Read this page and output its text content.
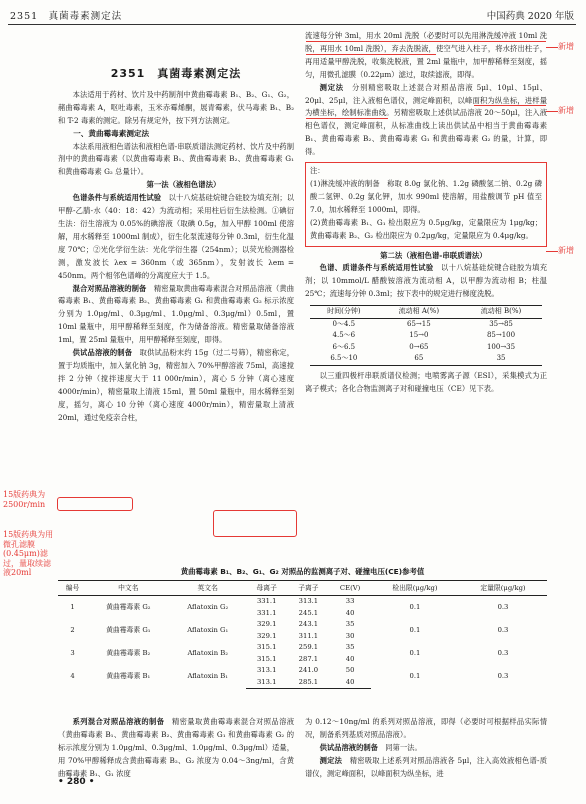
2351　真菌毒素测定法	中国药典 2020 年版
2351　真菌毒素测定法

本法适用于药材、饮片及中药制剂中黄曲霉毒素 B₁、B₂、G₁、G₂，赭曲霉毒素 A，呕吐毒素，玉米赤霉烯酮，展青霉素，伏马毒素 B₁、B₂ 和 T-2 毒素的测定。除另有规定外，按下列方法测定。

一、黄曲霉毒素测定法

本法系用液相色谱法和液相色谱-串联质谱法测定药材、饮片及中药制剂中的黄曲霉毒素（以黄曲霉毒素 B₁、黄曲霉毒素 B₂、黄曲霉毒素 G₁ 和黄曲霉毒素 G₂ 总量计）。

第一法（液相色谱法）

色谱条件与系统适用性试验　 以十八烷基硅烷键合硅胶为填充剂；以甲醇-乙腈-水（40：18：42）为流动相；采用柱后衍生法检测。①碘衍生法：衍生溶液为 0.05%的碘溶液（取碘 0.5g，加入甲醇 100ml 使溶解，用水稀释至 1000ml 制成），衍生化泵流速每分钟 0.3ml，衍生化温度 70℃；②光化学衍生法：光化学衍生器（254nm）；以荧光检测器检测，激发波长 λex = 360nm（或 365nm），发射波长 λem = 450nm。两个相邻色谱峰的分离度应大于 1.5。

混合对照品溶液的制备　 精密量取黄曲霉毒素混合对照品溶液（黄曲霉毒素 B₁、黄曲霉毒素 B₂、黄曲霉毒素 G₁ 和黄曲霉毒素 G₂ 标示浓度分别为 1.0μg/ml、0.3μg/ml、1.0μg/ml、0.3μg/ml）0.5ml，置 10ml 量瓶中，用甲醇稀释至刻度，作为储备溶液。精密量取储备溶液 1ml，置 25ml 量瓶中，用甲醇稀释至刻度，即得。

供试品溶液的制备　 取供试品粉末约 15g（过二号筛），精密称定，置于均质瓶中，加入氯化钠 3g，精密加入 70%甲醇溶液 75ml，高速搅拌 2 分钟（搅拌速度大于 11 000r/min），离心 5 分钟（离心速度 4000r/min），精密量取上清液 15ml，置 50ml 量瓶中，用水稀释至刻度，摇匀，离心 10 分钟（离心速度 4000r/min），精密量取上清液 20ml，通过免疫亲合柱，

流速每分钟 3ml，用水 20ml 洗脱（必要时可以先用淋洗缓冲液 10ml 洗脱，再用水 10ml 洗脱），弃去洗脱液，使空气进入柱子，将水挤出柱子，再用适量甲醇洗脱，收集洗脱液，置 2ml 量瓶中，加甲醇稀释至刻度，摇匀，用微孔滤膜（0.22μm）滤过，取续滤液，即得。

测定法　 分别精密吸取上述混合对照品溶液 5μl、10μl、15μl、20μl、25μl，注入液相色谱仪，测定峰面积，以峰面积为纵坐标，进样量为横坐标，绘制标准曲线。另精密吸取上述供试品溶液 20～50μl，注入液相色谱仪，测定峰面积，从标准曲线上读出供试品中相当于黄曲霉毒素 B₁、黄曲霉毒素 B₂、黄曲霉毒素 G₁ 和黄曲霉毒素 G₂ 的量，计算，即得。

注：

(1)淋洗缓冲液的制备　称取 8.0g 氯化钠、1.2g 磷酸氢二钠、0.2g 磷酸二氢钾、0.2g 氯化钾，加水 990ml 使溶解，用盐酸调节 pH 值至 7.0，加水稀释至 1000ml，即得。

(2)黄曲霉毒素 B₁、G₁ 检出限应为 0.5μg/kg，定量限应为 1μg/kg；黄曲霉毒素 B₂、G₂ 检出限应为 0.2μg/kg，定量限应为 0.4μg/kg。

第二法（液相色谱-串联质谱法）

色谱、质谱条件与系统适用性试验　 以十八烷基硅烷键合硅胶为填充剂；以 10mmol/L 醋酸铵溶液为流动相 A，以甲醇为流动相 B；柱温 25℃；流速每分钟 0.3ml；按下表中的规定进行梯度洗脱。

时间(分钟)	流动相 A(%)	流动相 B(%)
0～4.5	65→15	35→85
4.5～6	15→0	85→100
6～6.5	0→65	100→35
6.5～10	65	35

以三重四极杆串联质谱仪检测；电喷雾离子源（ESI），采集模式为正离子模式；各化合物监测离子对和碰撞电压（CE）见下表。

黄曲霉毒素 B₁、B₂、G₁、G₂ 对照品的监测离子对、碰撞电压(CE)参考值
编号	中文名	英文名	母离子	子离子	CE(V)	检出限(μg/kg)	定量限(μg/kg)
1	黄曲霉毒素 G₂	Aflatoxin G₂	331.1	313.1	33	0.1	0.3
			331.1	245.1	40		
2	黄曲霉毒素 G₁	Aflatoxin G₁	329.1	243.1	35	0.1	0.3
			329.1	311.1	30		
3	黄曲霉毒素 B₂	Aflatoxin B₂	315.1	259.1	35	0.1	0.3
			315.1	287.1	40		
4	黄曲霉毒素 B₁	Aflatoxin B₁	313.1	241.0	50	0.1	0.3
			313.1	285.1	40		

系列混合对照品溶液的制备　 精密量取黄曲霉毒素混合对照品溶液（黄曲霉毒素 B₁、黄曲霉毒素 B₂、黄曲霉毒素 G₁ 和黄曲霉毒素 G₂ 的标示浓度分别为 1.0μg/ml、0.3μg/ml、1.0μg/ml、0.3μg/ml）适量，用 70%甲醇稀释成含黄曲霉毒素 B₂、G₂ 浓度为 0.04～3ng/ml，含黄曲霉毒素 B₁、G₁ 浓度

为 0.12～10ng/ml 的系列对照品溶液，即得（必要时可根据样品实际情况，制备系列基质对照品溶液）。

供试品溶液的制备　 同第一法。

测定法　 精密吸取上述系列对照品溶液各 5μl，注入高效液相色谱-质谱仪，测定峰面积，以峰面积为纵坐标，进

• 280 •
新增
新增
新增
15版药典为2500r/min
15版药典为用微孔滤膜(0.45μm)滤过，量取续滤液20ml
